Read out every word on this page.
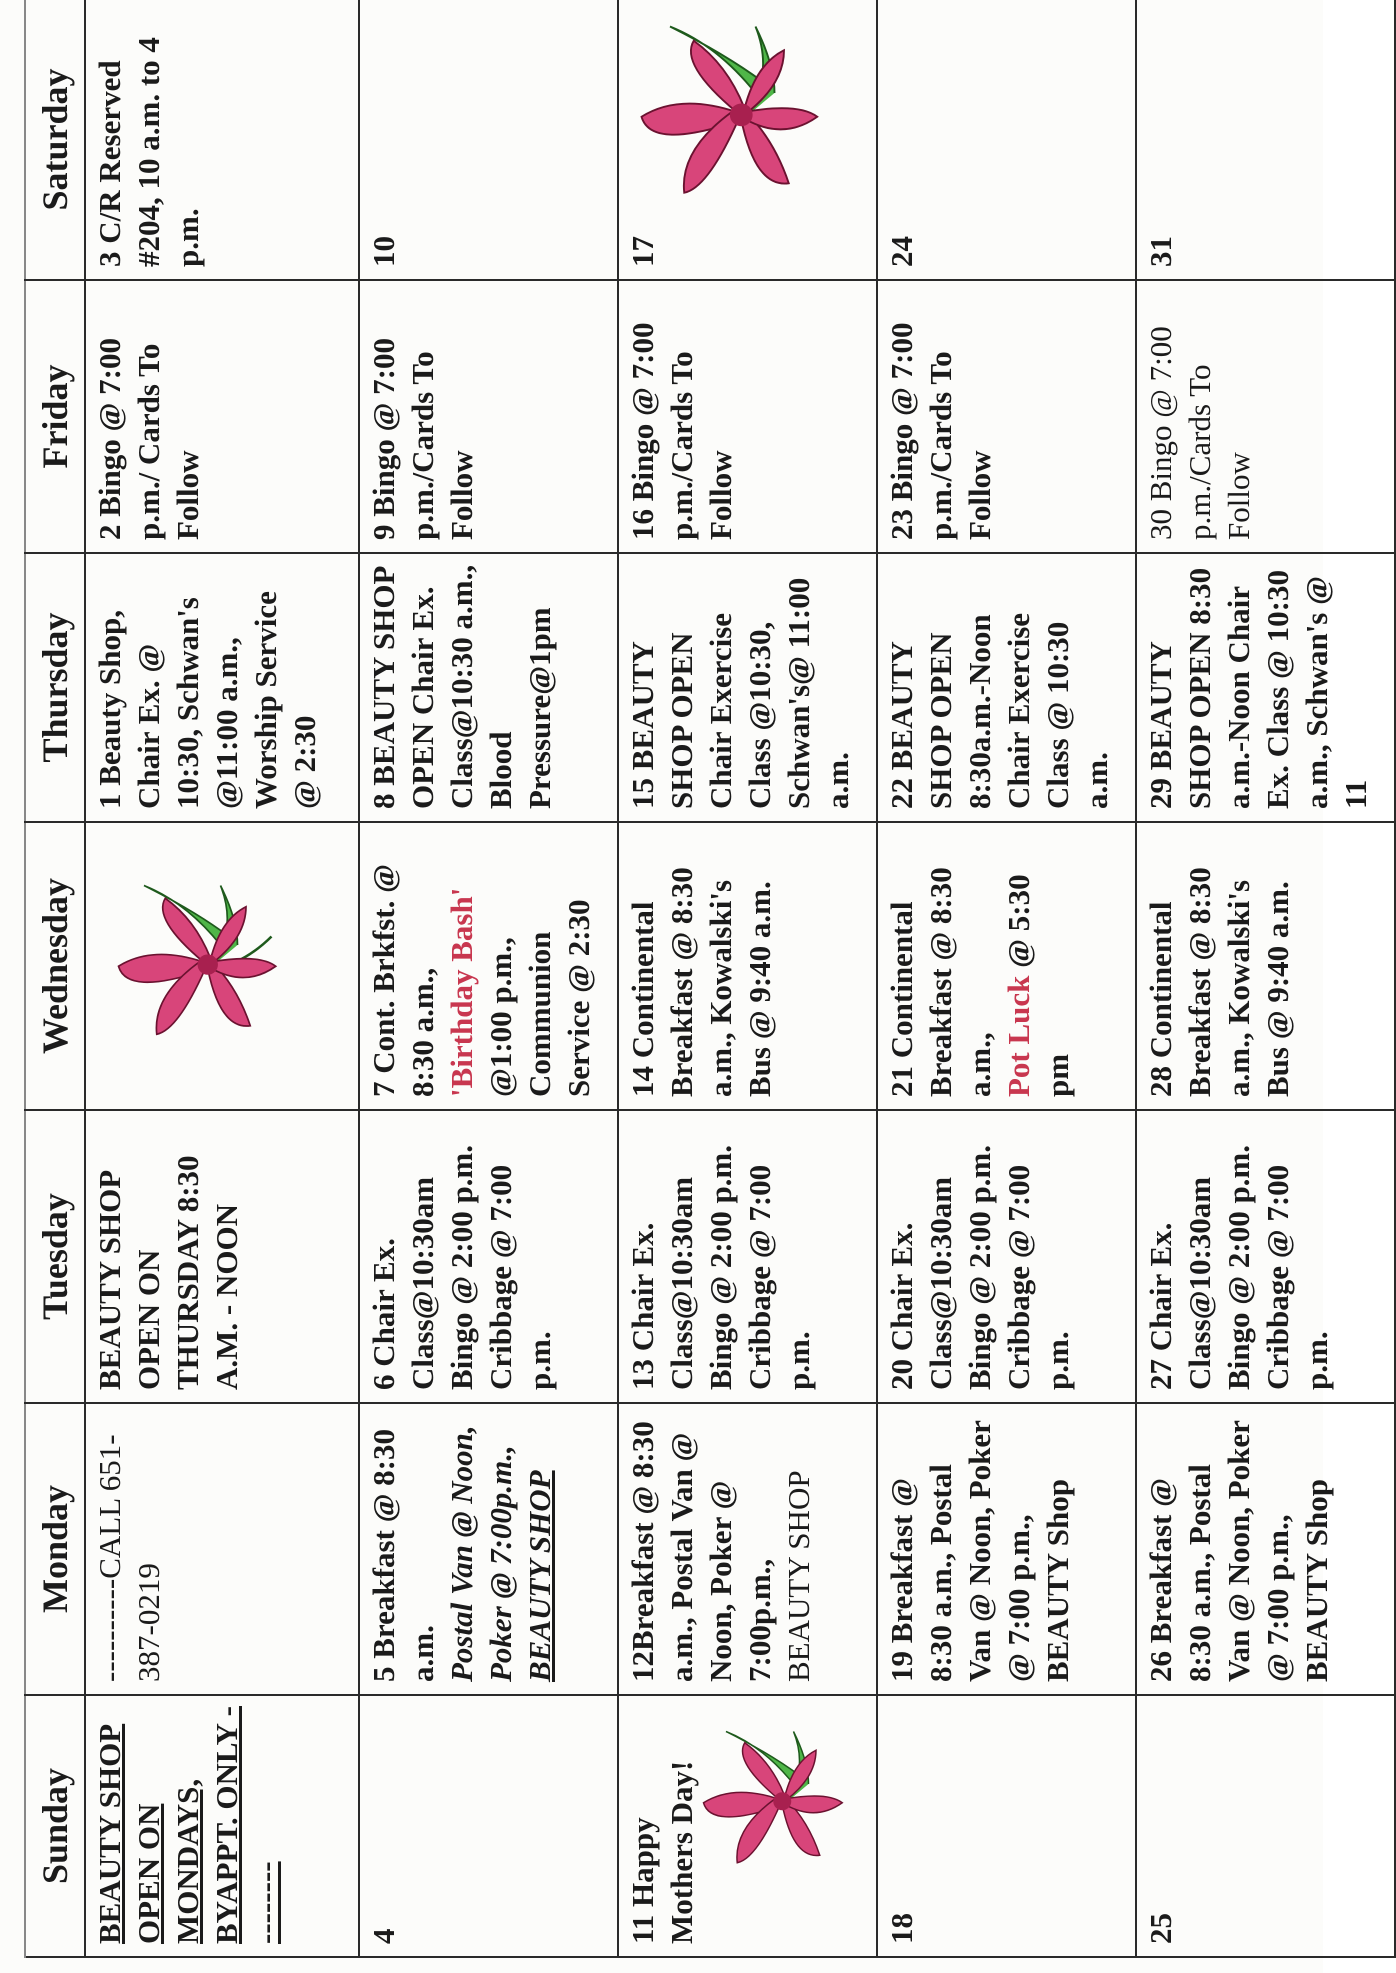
Sunday	Monday	Tuesday	Wednesday	Thursday	Friday	Saturday

BEAUTY SHOP OPEN ON MONDAYS, BYAPPT. ONLY ---------	----------CALL 651-387-0219	BEAUTY SHOP OPEN ON THURSDAY 8:30 A.M. - NOON		1 Beauty Shop, Chair Ex. @ 10:30, Schwan's @11:00 a.m., Worship Service @ 2:30	2 Bingo @ 7:00 p.m./ Cards To Follow	3 C/R Reserved #204, 10 a.m. to 4 p.m.

4	5 Breakfast @ 8:30 a.m. Postal Van @ Noon, Poker @ 7:00p.m., BEAUTY SHOP	6 Chair Ex. Class@10:30am Bingo @ 2:00 p.m. Cribbage @ 7:00 p.m.	7 Cont. Brkfst. @ 8:30 a.m., 'Birthday Bash' @1:00 p.m., Communion Service @ 2:30	8 BEAUTY SHOP OPEN Chair Ex. Class@10:30 a.m., Blood Pressure@1pm	9 Bingo @ 7:00 p.m./Cards To Follow	10

11 Happy Mothers Day!	12Breakfast @ 8:30 a.m., Postal Van @ Noon, Poker @ 7:00p.m., BEAUTY SHOP	13 Chair Ex. Class@10:30am Bingo @ 2:00 p.m. Cribbage @ 7:00 p.m.	14 Continental Breakfast @ 8:30 a.m., Kowalski's Bus @ 9:40 a.m.	15 BEAUTY SHOP OPEN Chair Exercise Class @10:30, Schwan's@ 11:00 a.m.	16 Bingo @ 7:00 p.m./Cards To Follow	17

18	19 Breakfast @ 8:30 a.m., Postal Van @ Noon, Poker @ 7:00 p.m., BEAUTY Shop	20 Chair Ex. Class@10:30am Bingo @ 2:00 p.m. Cribbage @ 7:00 p.m.	21 Continental Breakfast @ 8:30 a.m., Pot Luck @ 5:30 pm	22 BEAUTY SHOP OPEN 8:30a.m.-Noon Chair Exercise Class @ 10:30 a.m.	23 Bingo @ 7:00 p.m./Cards To Follow	24

25	26 Breakfast @ 8:30 a.m., Postal Van @ Noon, Poker @ 7:00 p.m., BEAUTY Shop	27 Chair Ex. Class@10:30am Bingo @ 2:00 p.m. Cribbage @ 7:00 p.m.	28 Continental Breakfast @ 8:30 a.m., Kowalski's Bus @ 9:40 a.m.	29 BEAUTY SHOP OPEN 8:30 a.m.-Noon Chair Ex. Class @ 10:30 a.m., Schwan's @ 11	30 Bingo @ 7:00 p.m./Cards To Follow	31
